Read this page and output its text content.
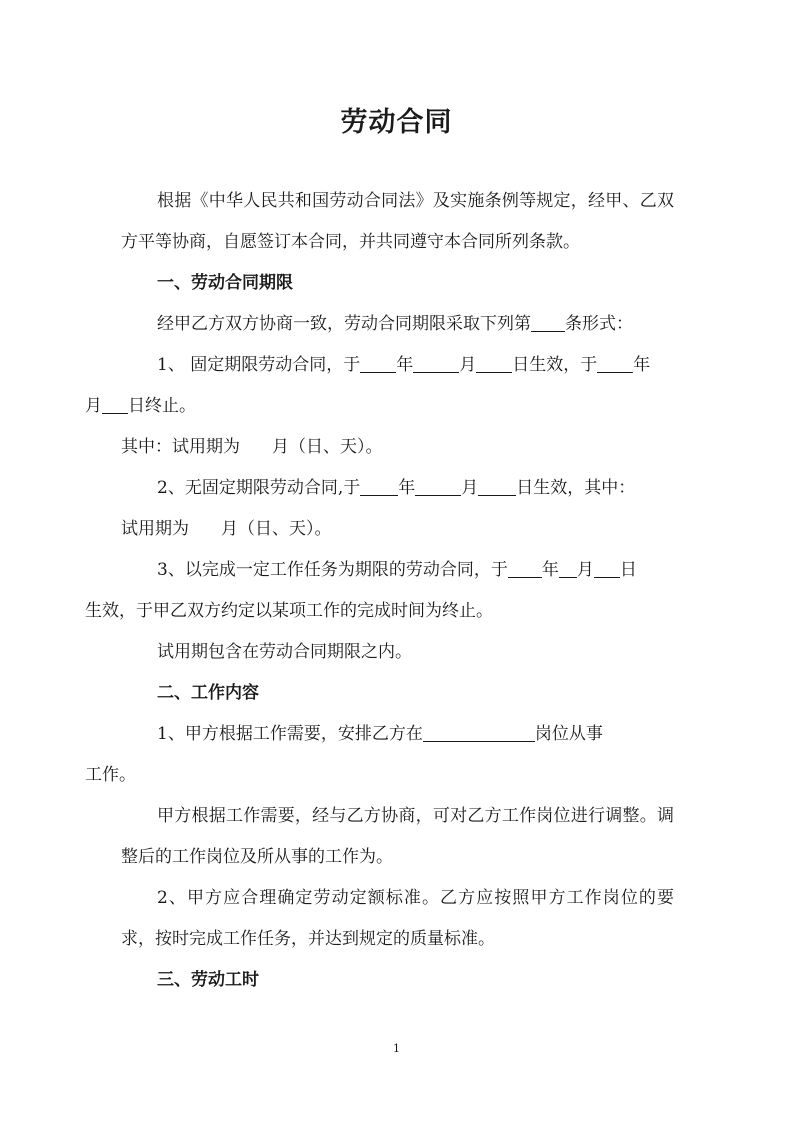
劳动合同

根据《中华人民共和国劳动合同法》及实施条例等规定，经甲、乙双方平等协商，自愿签订本合同，并共同遵守本合同所列条款。

一、劳动合同期限

经甲乙方双方协商一致，劳动合同期限采取下列第 条形式：

1、 固定期限劳动合同，于 年	月 日生效，于 年
月 日终止。

其中：试用期为 月（日、天）。

2、无固定期限劳动合同,于 年	月 日生效，其中：

试用期为 月（日、天）。

3、以完成一定工作任务为期限的劳动合同，于 年 月 日
生效，于甲乙双方约定以某项工作的完成时间为终止。

试用期包含在劳动合同期限之内。

二、工作内容

1、甲方根据工作需要，安排乙方在	岗位从事
工作。

甲方根据工作需要，经与乙方协商，可对乙方工作岗位进行调整。调整后的工作岗位及所从事的工作为。

2、甲方应合理确定劳动定额标准。乙方应按照甲方工作岗位的要求，按时完成工作任务，并达到规定的质量标准。

三、劳动工时

1
